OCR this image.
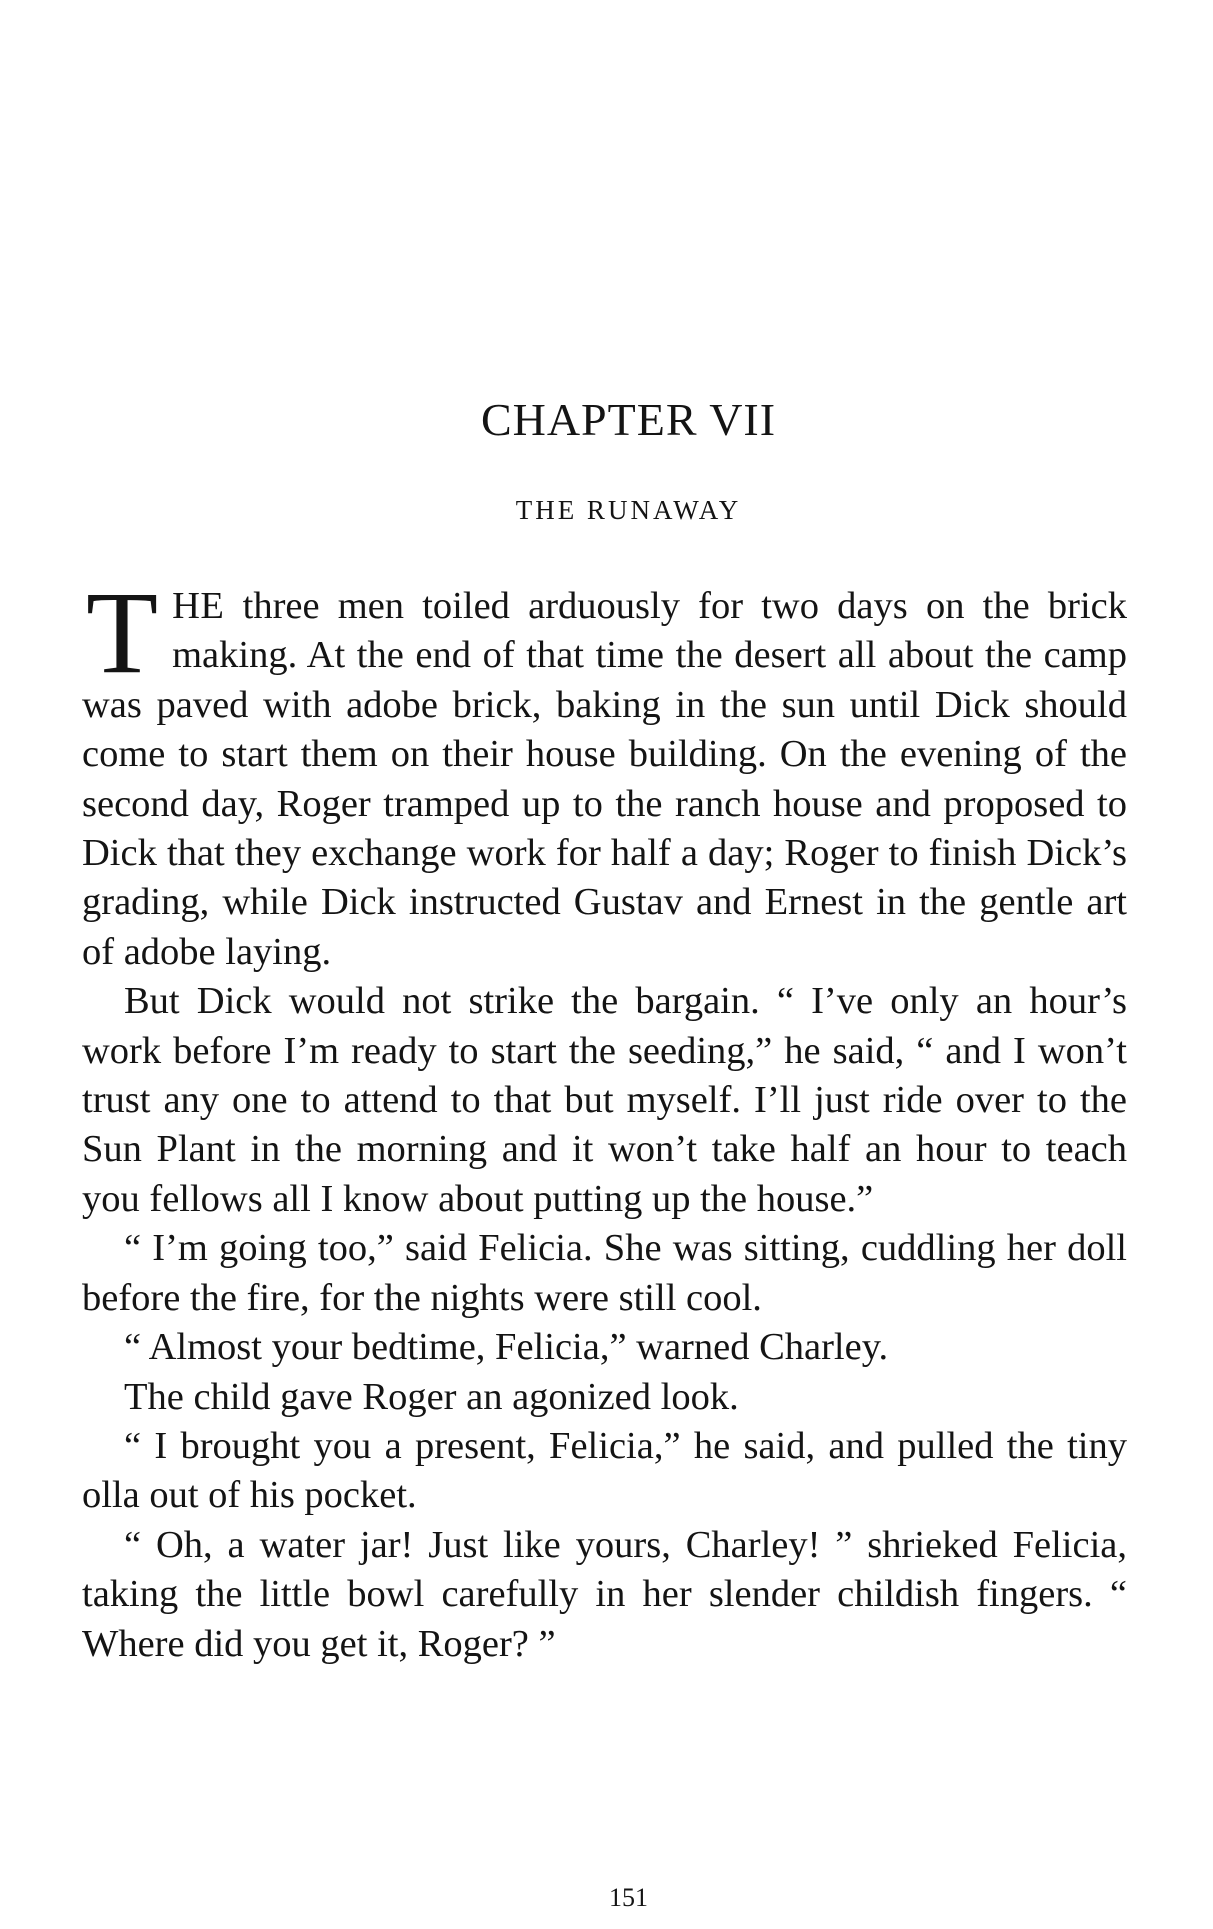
CHAPTER VII
THE RUNAWAY

THE three men toiled arduously for two days on the brick making. At the end of that time the desert all about the camp was paved with adobe brick, baking in the sun until Dick should come to start them on their house building. On the evening of the second day, Roger tramped up to the ranch house and proposed to Dick that they exchange work for half a day; Roger to finish Dick’s grading, while Dick instructed Gustav and Ernest in the gentle art of adobe laying.

But Dick would not strike the bargain. “ I’ve only an hour’s work before I’m ready to start the seeding,” he said, “ and I won’t trust any one to attend to that but myself. I’ll just ride over to the Sun Plant in the morning and it won’t take half an hour to teach you fellows all I know about putting up the house.”

“ I’m going too,” said Felicia. She was sitting, cuddling her doll before the fire, for the nights were still cool.

“ Almost your bedtime, Felicia,” warned Charley.

The child gave Roger an agonized look.

“ I brought you a present, Felicia,” he said, and pulled the tiny olla out of his pocket.

“ Oh, a water jar! Just like yours, Charley! ” shrieked Felicia, taking the little bowl carefully in her slender childish fingers. “ Where did you get it, Roger? ”

151
